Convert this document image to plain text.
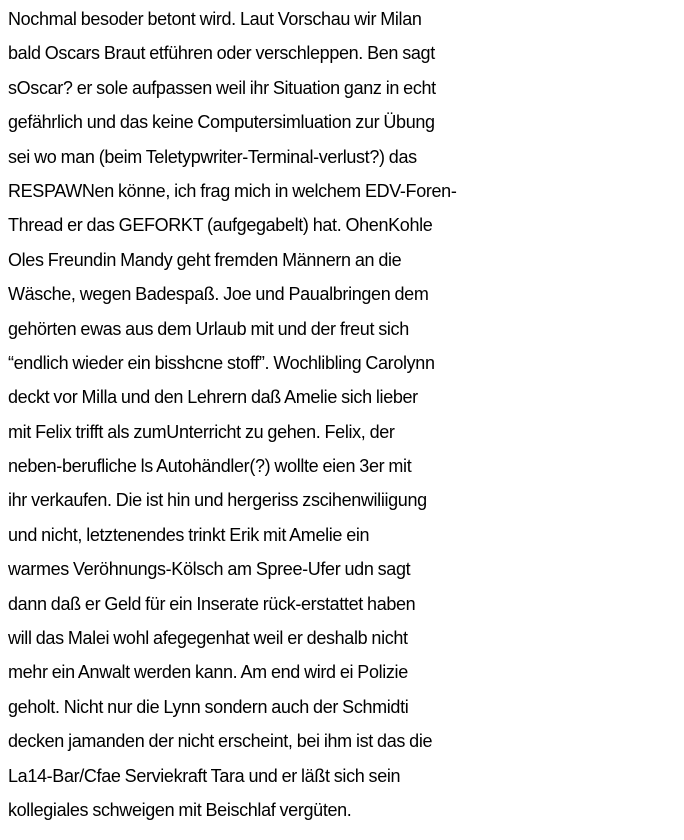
Nochmal besoder betont wird. Laut Vorschau wir Milan
bald Oscars Braut etführen oder verschleppen. Ben sagt
sOscar? er sole aufpassen weil ihr Situation ganz in echt
gefährlich und das keine Computersimluation zur Übung
sei wo man (beim Teletypwriter-Terminal-verlust?) das
RESPAWNen könne, ich frag mich in welchem EDV-Foren-
Thread er das GEFORKT (aufgegabelt) hat. OhenKohle
Oles Freundin Mandy geht fremden Männern an die
Wäsche, wegen Badespaß. Joe und Paualbringen dem
gehörten ewas aus dem Urlaub mit und der freut sich
“endlich wieder ein bisshcne stoff”. Wochlibling Carolynn
deckt vor Milla und den Lehrern daß Amelie sich lieber
mit Felix trifft als zumUnterricht zu gehen. Felix, der
neben-berufliche ls Autohändler(?) wollte eien 3er mit
ihr verkaufen. Die ist hin und hergeriss zscihenwiliigung
und nicht, letztenendes trinkt Erik mit Amelie ein
warmes Veröhnungs-Kölsch am Spree-Ufer udn sagt
dann daß er Geld für ein Inserate rück-erstattet haben
will das Malei wohl afegegenhat weil er deshalb nicht
mehr ein Anwalt werden kann. Am end wird ei Polizie
geholt. Nicht nur die Lynn sondern auch der Schmidti
decken jamanden der nicht erscheint, bei ihm ist das die
La14-Bar/Cfae Serviekraft Tara und er läßt sich sein
kollegiales schweigen mit Beischlaf vergüten.
